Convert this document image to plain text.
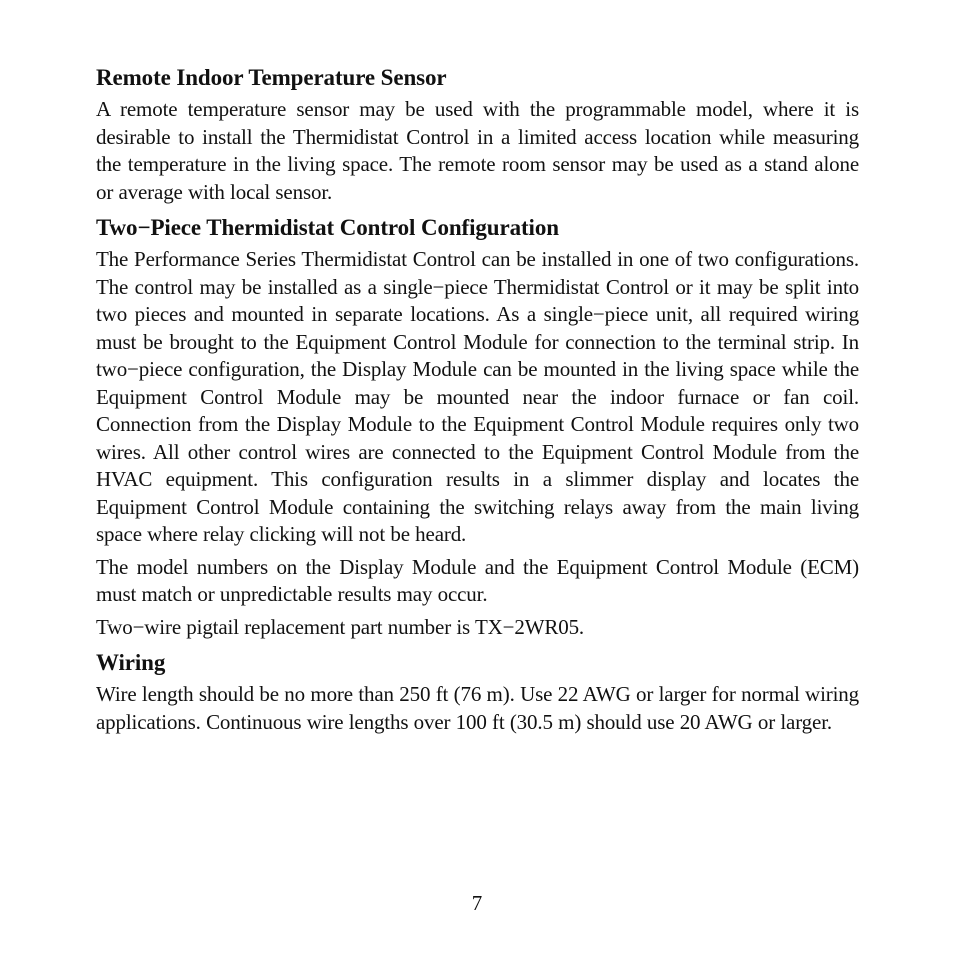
Remote Indoor Temperature Sensor

A remote temperature sensor may be used with the programmable model, where it is desirable to install the Thermidistat Control in a limited access location while measuring the temperature in the living space. The remote room sensor may be used as a stand alone or average with local sensor.

Two−Piece Thermidistat Control Configuration

The Performance Series Thermidistat Control can be installed in one of two configurations. The control may be installed as a single−piece Thermidistat Control or it may be split into two pieces and mounted in separate locations. As a single−piece unit, all required wiring must be brought to the Equipment Control Module for connection to the terminal strip. In two−piece configuration, the Display Module can be mounted in the living space while the Equipment Control Module may be mounted near the indoor furnace or fan coil. Connection from the Display Module to the Equipment Control Module requires only two wires. All other control wires are connected to the Equipment Control Module from the HVAC equipment. This configuration results in a slimmer display and locates the Equipment Control Module containing the switching relays away from the main living space where relay clicking will not be heard.

The model numbers on the Display Module and the Equipment Control Module (ECM) must match or unpredictable results may occur.

Two−wire pigtail replacement part number is TX−2WR05.

Wiring

Wire length should be no more than 250 ft (76 m). Use 22 AWG or larger for normal wiring applications. Continuous wire lengths over 100 ft (30.5 m) should use 20 AWG or larger.

7
